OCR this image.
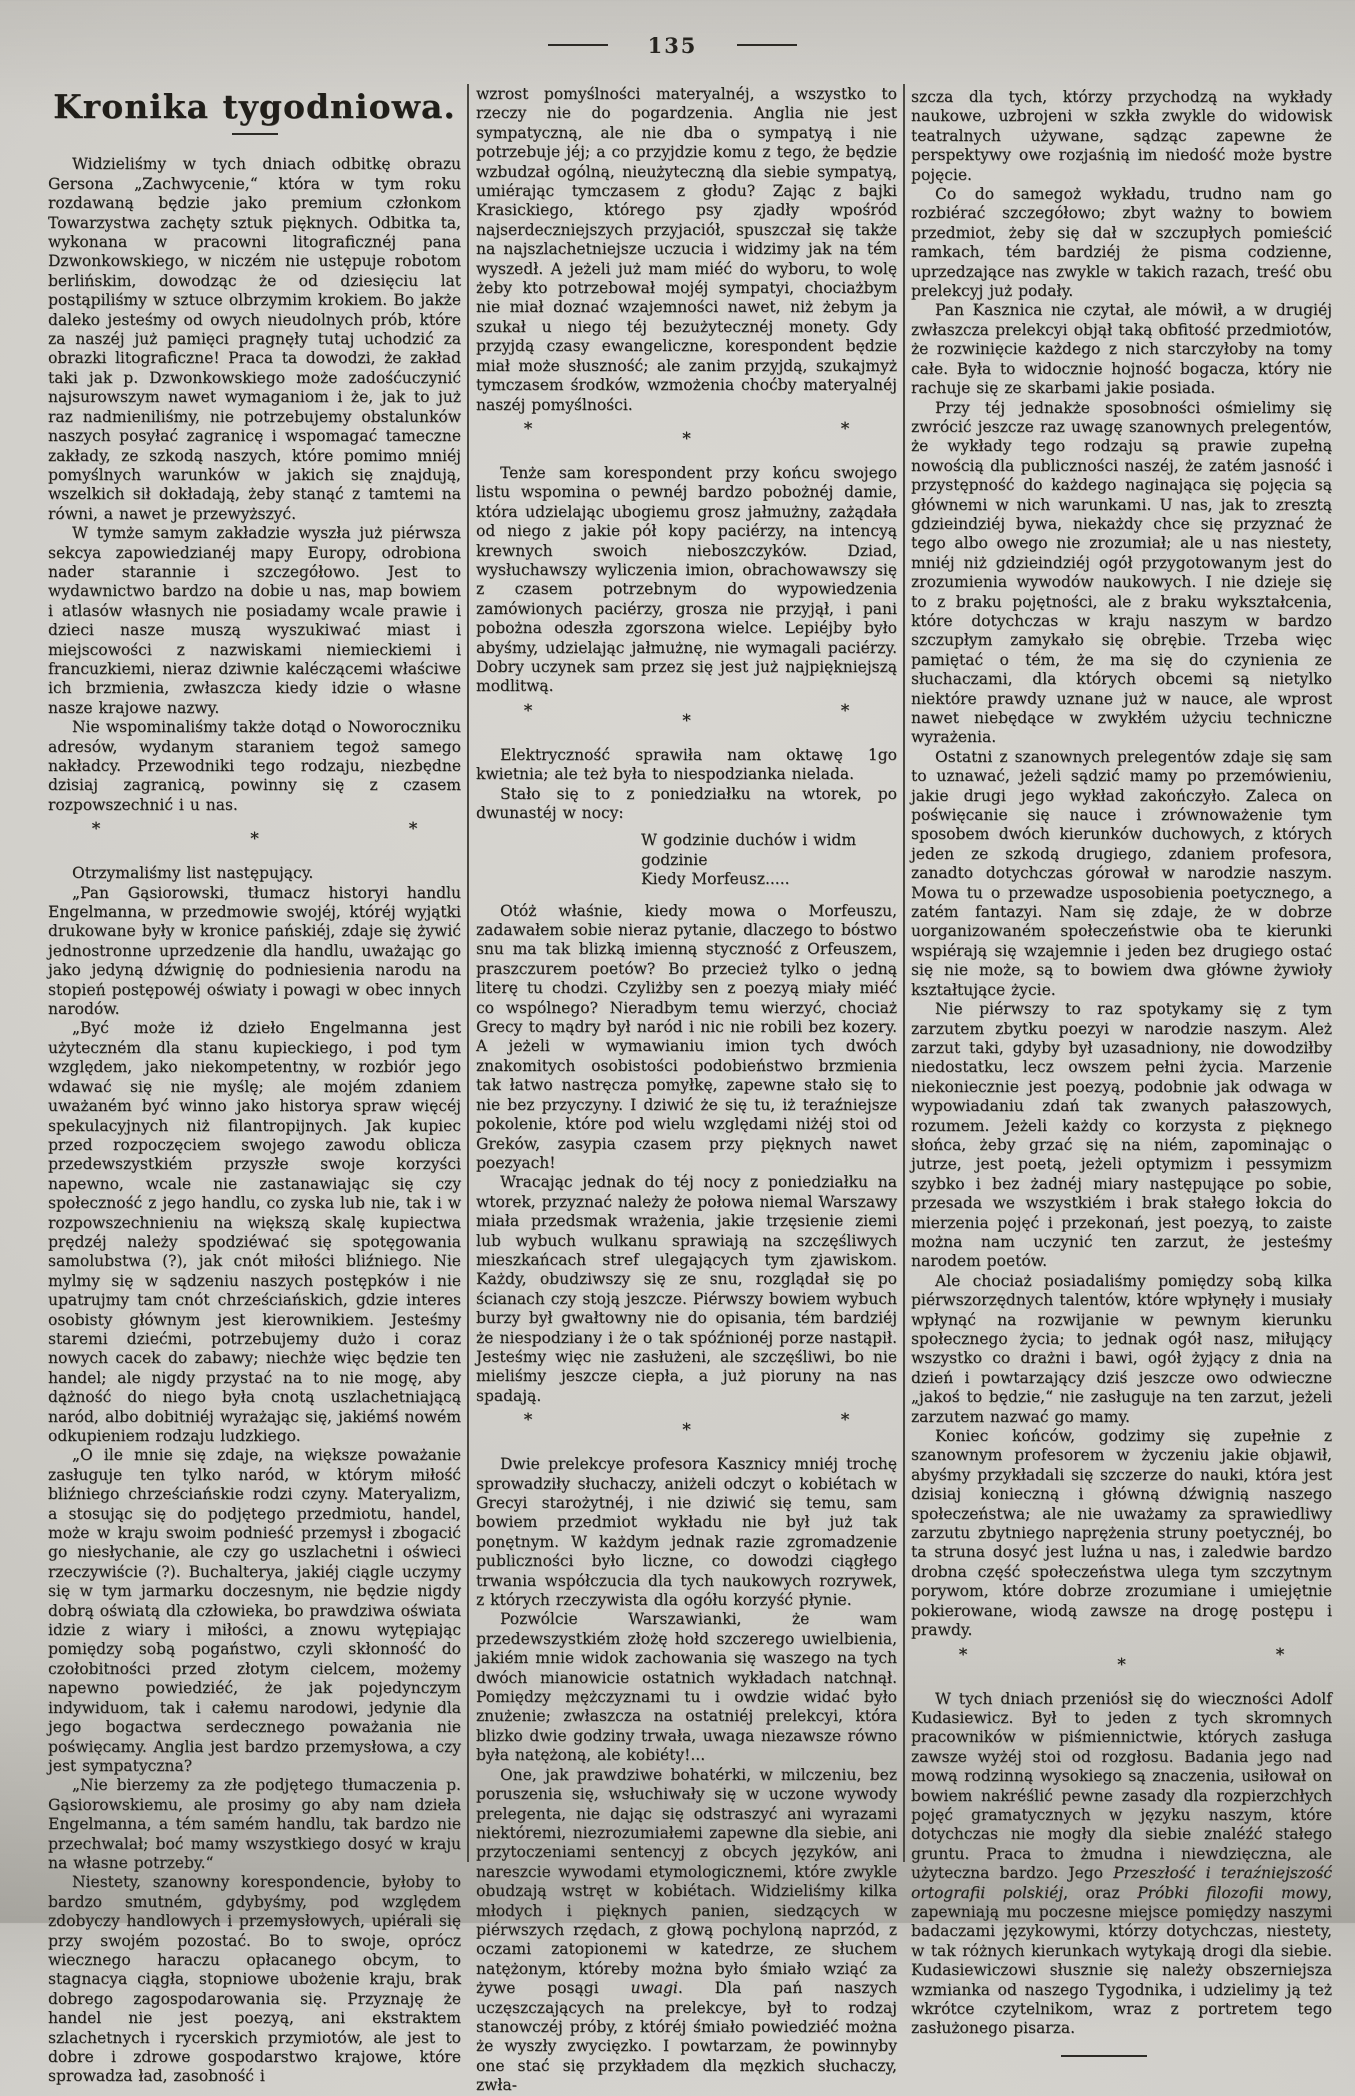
135
Kronika tygodniowa.

Widzieliśmy w tych dniach odbitkę obrazu Gersona „Zachwycenie,“ która w tym roku rozdawaną będzie jako premium członkom Towarzystwa zachęty sztuk pięknych. Odbitka ta, wykonana w pracowni litograficznéj pana Dzwonkowskiego, w niczém nie ustępuje robotom berlińskim, dowodząc że od dziesięciu lat postąpiliśmy w sztuce olbrzymim krokiem. Bo jakże daleko jesteśmy od owych nieudolnych prób, które za naszéj już pamięci pragnęły tutaj uchodzić za obrazki litograficzne! Praca ta dowodzi, że zakład taki jak p. Dzwonkowskiego może zadośćuczynić najsurowszym nawet wymaganiom i że, jak to już raz nadmieniliśmy, nie potrzebujemy obstalunków naszych posyłać zagranicę i wspomagać tameczne zakłady, ze szkodą naszych, które pomimo mniéj pomyślnych warunków w jakich się znajdują, wszelkich sił dokładają, żeby stanąć z tamtemi na równi, a nawet je przewyższyć.

W tymże samym zakładzie wyszła już piérwsza sekcya zapowiedzianéj mapy Europy, odrobiona nader starannie i szczegółowo. Jest to wydawnictwo bardzo na dobie u nas, map bowiem i atlasów własnych nie posiadamy wcale prawie i dzieci nasze muszą wyszukiwać miast i miejscowości z nazwiskami niemieckiemi i francuzkiemi, nieraz dziwnie kaléczącemi właściwe ich brzmienia, zwłaszcza kiedy idzie o własne nasze krajowe nazwy.

Nie wspominaliśmy także dotąd o Noworoczniku adresów, wydanym staraniem tegoż samego nakładcy. Przewodniki tego rodzaju, niezbędne dzisiaj zagranicą, powinny się z czasem rozpowszechnić i u nas.

*	*	*

Otrzymaliśmy list następujący.

„Pan Gąsiorowski, tłumacz historyi handlu Engelmanna, w przedmowie swojéj, któréj wyjątki drukowane były w kronice pańskiéj, zdaje się żywić jednostronne uprzedzenie dla handlu, uważając go jako jedyną dźwignię do podniesienia narodu na stopień postępowéj oświaty i powagi w obec innych narodów.

„Być może iż dzieło Engelmanna jest użyteczném dla stanu kupieckiego, i pod tym względem, jako niekompetentny, w rozbiór jego wdawać się nie myślę; ale mojém zdaniem uważaném być winno jako historya spraw więcéj spekulacyjnych niż filantropijnych. Jak kupiec przed rozpoczęciem swojego zawodu oblicza przedewszystkiém przyszłe swoje korzyści napewno, wcale nie zastanawiając się czy społeczność z jego handlu, co zyska lub nie, tak i w rozpowszechnieniu na większą skalę kupiectwa prędzéj należy spodziéwać się spotęgowania samolubstwa (?), jak cnót miłości bliźniego. Nie mylmy się w sądzeniu naszych postępków i nie upatrujmy tam cnót chrześciańskich, gdzie interes osobisty głównym jest kierownikiem. Jesteśmy staremi dziećmi, potrzebujemy dużo i coraz nowych cacek do zabawy; niechże więc będzie ten handel; ale nigdy przystać na to nie mogę, aby dążność do niego była cnotą uszlachetniającą naród, albo dobitniéj wyrażając się, jakiémś nowém odkupieniem rodzaju ludzkiego.

„O ile mnie się zdaje, na większe poważanie zasługuje ten tylko naród, w którym miłość bliźniego chrześciańskie rodzi czyny. Materyalizm, a stosując się do podjętego przedmiotu, handel, może w kraju swoim podnieść przemysł i zbogacić go niesłychanie, ale czy go uszlachetni i oświeci rzeczywiście (?). Buchalterya, jakiéj ciągle uczymy się w tym jarmarku doczesnym, nie będzie nigdy dobrą oświatą dla człowieka, bo prawdziwa oświata idzie z wiary i miłości, a znowu wytępiając pomiędzy sobą pogaństwo, czyli skłonność do czołobitności przed złotym cielcem, możemy napewno powiedziéć, że jak pojedynczym indywiduom, tak i całemu narodowi, jedynie dla jego bogactwa serdecznego poważania nie poświęcamy. Anglia jest bardzo przemysłowa, a czy jest sympatyczna?

„Nie bierzemy za złe podjętego tłumaczenia p. Gąsiorowskiemu, ale prosimy go aby nam dzieła Engelmanna, a tém samém handlu, tak bardzo nie przechwalał; boć mamy wszystkiego dosyć w kraju na własne potrzeby.“

Niestety, szanowny korespondencie, byłoby to bardzo smutném, gdybyśmy, pod względem zdobyczy handlowych i przemysłowych, upiérali się przy swojém pozostać. Bo to swoje, oprócz wiecznego haraczu opłacanego obcym, to stagnacya ciągła, stopniowe ubożenie kraju, brak dobrego zagospodarowania się. Przyznaję że handel nie jest poezyą, ani ekstraktem szlachetnych i rycerskich przymiotów, ale jest to dobre i zdrowe gospodarstwo krajowe, które sprowadza ład, zasobność i

wzrost pomyślności materyalnéj, a wszystko to rzeczy nie do pogardzenia. Anglia nie jest sympatyczną, ale nie dba o sympatyą i nie potrzebuje jéj; a co przyjdzie komu z tego, że będzie wzbudzał ogólną, nieużyteczną dla siebie sympatyą, umiérając tymczasem z głodu? Zając z bajki Krasickiego, którego psy zjadły wpośród najserdeczniejszych przyjaciół, spuszczał się także na najszlachetniejsze uczucia i widzimy jak na tém wyszedł. A jeżeli już mam miéć do wyboru, to wolę żeby kto potrzebował mojéj sympatyi, chociażbym nie miał doznać wzajemności nawet, niż żebym ja szukał u niego téj bezużytecznéj monety. Gdy przyjdą czasy ewangeliczne, korespondent będzie miał może słuszność; ale zanim przyjdą, szukajmyż tymczasem środków, wzmożenia choćby materyalnéj naszéj pomyślności.

*	*	*

Tenże sam korespondent przy końcu swojego listu wspomina o pewnéj bardzo pobożnéj damie, która udzielając ubogiemu grosz jałmużny, zażądała od niego z jakie pół kopy paciérzy, na intencyą krewnych swoich nieboszczyków. Dziad, wysłuchawszy wyliczenia imion, obrachowawszy się z czasem potrzebnym do wypowiedzenia zamówionych paciérzy, grosza nie przyjął, i pani pobożna odeszła zgorszona wielce. Lepiéjby było abyśmy, udzielając jałmużnę, nie wymagali paciérzy. Dobry uczynek sam przez się jest już najpiękniejszą modlitwą.

*	*	*

Elektryczność sprawiła nam oktawę 1go kwietnia; ale też była to niespodzianka nielada.

Stało się to z poniedziałku na wtorek, po dwunastéj w nocy:

W godzinie duchów i widm godzinie
Kiedy Morfeusz.....

Otóż właśnie, kiedy mowa o Morfeuszu, zadawałem sobie nieraz pytanie, dlaczego to bóstwo snu ma tak blizką imienną styczność z Orfeuszem, praszczurem poetów? Bo przecież tylko o jedną literę tu chodzi. Czyliżby sen z poezyą miały miéć co wspólnego? Nieradbym temu wierzyć, chociaż Grecy to mądry był naród i nic nie robili bez kozery. A jeżeli w wymawianiu imion tych dwóch znakomitych osobistości podobieństwo brzmienia tak łatwo nastręcza pomyłkę, zapewne stało się to nie bez przyczyny. I dziwić że się tu, iż teraźniejsze pokolenie, które pod wielu względami niżéj stoi od Greków, zasypia czasem przy pięknych nawet poezyach!

Wracając jednak do téj nocy z poniedziałku na wtorek, przyznać należy że połowa niemal Warszawy miała przedsmak wrażenia, jakie trzęsienie ziemi lub wybuch wulkanu sprawiają na szczęśliwych mieszkańcach stref ulegających tym zjawiskom. Każdy, obudziwszy się ze snu, rozglądał się po ścianach czy stoją jeszcze. Piérwszy bowiem wybuch burzy był gwałtowny nie do opisania, tém bardziéj że niespodziany i że o tak spóźnionéj porze nastąpił. Jesteśmy więc nie zasłużeni, ale szczęśliwi, bo nie mieliśmy jeszcze ciepła, a już pioruny na nas spadają.

*	*	*

Dwie prelekcye profesora Kasznicy mniéj trochę sprowadziły słuchaczy, aniżeli odczyt o kobiétach w Grecyi starożytnéj, i nie dziwić się temu, sam bowiem przedmiot wykładu nie był już tak ponętnym. W każdym jednak razie zgromadzenie publiczności było liczne, co dowodzi ciągłego trwania współczucia dla tych naukowych rozrywek, z których rzeczywista dla ogółu korzyść płynie.

Pozwólcie Warszawianki, że wam przedewszystkiém złożę hołd szczerego uwielbienia, jakiém mnie widok zachowania się waszego na tych dwóch mianowicie ostatnich wykładach natchnął. Pomiędzy mężczyznami tu i owdzie widać było znużenie; zwłaszcza na ostatniéj prelekcyi, która blizko dwie godziny trwała, uwaga niezawsze równo była natężoną, ale kobiéty!...

One, jak prawdziwe bohatérki, w milczeniu, bez poruszenia się, wsłuchiwały się w uczone wywody prelegenta, nie dając się odstraszyć ani wyrazami niektóremi, niezrozumiałemi zapewne dla siebie, ani przytoczeniami sentencyj z obcych języków, ani nareszcie wywodami etymologicznemi, które zwykle obudzają wstręt w kobiétach. Widzieliśmy kilka młodych i pięknych panien, siedzących w piérwszych rzędach, z głową pochyloną naprzód, z oczami zatopionemi w katedrze, ze słuchem natężonym, któreby można było śmiało wziąć za żywe posągi uwagi. Dla pań naszych uczęszczających na prelekcye, był to rodzaj stanowczéj próby, z któréj śmiało powiedziéć można że wyszły zwycięzko. I powtarzam, że powinnyby one stać się przykładem dla męzkich słuchaczy, zwła-

szcza dla tych, którzy przychodzą na wykłady naukowe, uzbrojeni w szkła zwykle do widowisk teatralnych używane, sądząc zapewne że perspektywy owe rozjaśnią im niedość może bystre pojęcie.

Co do samegoż wykładu, trudno nam go rozbiérać szczegółowo; zbyt ważny to bowiem przedmiot, żeby się dał w szczupłych pomieścić ramkach, tém bardziéj że pisma codzienne, uprzedzające nas zwykle w takich razach, treść obu prelekcyj już podały.

Pan Kasznica nie czytał, ale mówił, a w drugiéj zwłaszcza prelekcyi objął taką obfitość przedmiotów, że rozwinięcie każdego z nich starczyłoby na tomy całe. Była to widocznie hojność bogacza, który nie rachuje się ze skarbami jakie posiada.

Przy téj jednakże sposobności ośmielimy się zwrócić jeszcze raz uwagę szanownych prelegentów, że wykłady tego rodzaju są prawie zupełną nowością dla publiczności naszéj, że zatém jasność i przystępność do każdego naginająca się pojęcia są głównemi w nich warunkami. U nas, jak to zresztą gdzieindziéj bywa, niekażdy chce się przyznać że tego albo owego nie zrozumiał; ale u nas niestety, mniéj niż gdzieindziéj ogół przygotowanym jest do zrozumienia wywodów naukowych. I nie dzieje się to z braku pojętności, ale z braku wykształcenia, które dotychczas w kraju naszym w bardzo szczupłym zamykało się obrębie. Trzeba więc pamiętać o tém, że ma się do czynienia ze słuchaczami, dla których obcemi są nietylko niektóre prawdy uznane już w nauce, ale wprost nawet niebędące w zwykłém użyciu techniczne wyrażenia.

Ostatni z szanownych prelegentów zdaje się sam to uznawać, jeżeli sądzić mamy po przemówieniu, jakie drugi jego wykład zakończyło. Zaleca on poświęcanie się nauce i zrównoważenie tym sposobem dwóch kierunków duchowych, z których jeden ze szkodą drugiego, zdaniem profesora, zanadto dotychczas górował w narodzie naszym. Mowa tu o przewadze usposobienia poetycznego, a zatém fantazyi. Nam się zdaje, że w dobrze uorganizowaném społeczeństwie oba te kierunki wspiérają się wzajemnie i jeden bez drugiego ostać się nie może, są to bowiem dwa główne żywioły kształtujące życie.

Nie piérwszy to raz spotykamy się z tym zarzutem zbytku poezyi w narodzie naszym. Ależ zarzut taki, gdyby był uzasadniony, nie dowodziłby niedostatku, lecz owszem pełni życia. Marzenie niekoniecznie jest poezyą, podobnie jak odwaga w wypowiadaniu zdań tak zwanych pałaszowych, rozumem. Jeżeli każdy co korzysta z pięknego słońca, żeby grzać się na niém, zapominając o jutrze, jest poetą, jeżeli optymizm i pessymizm szybko i bez żadnéj miary następujące po sobie, przesada we wszystkiém i brak stałego łokcia do mierzenia pojęć i przekonań, jest poezyą, to zaiste można nam uczynić ten zarzut, że jesteśmy narodem poetów.

Ale chociaż posiadaliśmy pomiędzy sobą kilka piérwszorzędnych talentów, które wpłynęły i musiały wpłynąć na rozwijanie w pewnym kierunku społecznego życia; to jednak ogół nasz, miłujący wszystko co drażni i bawi, ogół żyjący z dnia na dzień i powtarzający dziś jeszcze owo odwieczne „jakoś to będzie,“ nie zasługuje na ten zarzut, jeżeli zarzutem nazwać go mamy.

Koniec końców, godzimy się zupełnie z szanownym profesorem w życzeniu jakie objawił, abyśmy przykładali się szczerze do nauki, która jest dzisiaj konieczną i główną dźwignią naszego społeczeństwa; ale nie uważamy za sprawiedliwy zarzutu zbytniego naprężenia struny poetycznéj, bo ta struna dosyć jest luźna u nas, i zaledwie bardzo drobna część społeczeństwa ulega tym szczytnym porywom, które dobrze zrozumiane i umiejętnie pokierowane, wiodą zawsze na drogę postępu i prawdy.

*	*	*

W tych dniach przeniósł się do wieczności Adolf Kudasiewicz. Był to jeden z tych skromnych pracowników w piśmiennictwie, których zasługa zawsze wyżéj stoi od rozgłosu. Badania jego nad mową rodzinną wysokiego są znaczenia, usiłował on bowiem nakréślić pewne zasady dla rozpierzchłych pojęć gramatycznych w języku naszym, które dotychczas nie mogły dla siebie znaléźć stałego gruntu. Praca to żmudna i niewdzięczna, ale użyteczna bardzo. Jego Przeszłość i teraźniejszość ortografii polskiéj, oraz Próbki filozofii mowy, zapewniają mu poczesne miejsce pomiędzy naszymi badaczami językowymi, którzy dotychczas, niestety, w tak różnych kierunkach wytykają drogi dla siebie. Kudasiewiczowi słusznie się należy obszerniejsza wzmianka od naszego Tygodnika, i udzielimy ją też wkrótce czytelnikom, wraz z portretem tego zasłużonego pisarza.
